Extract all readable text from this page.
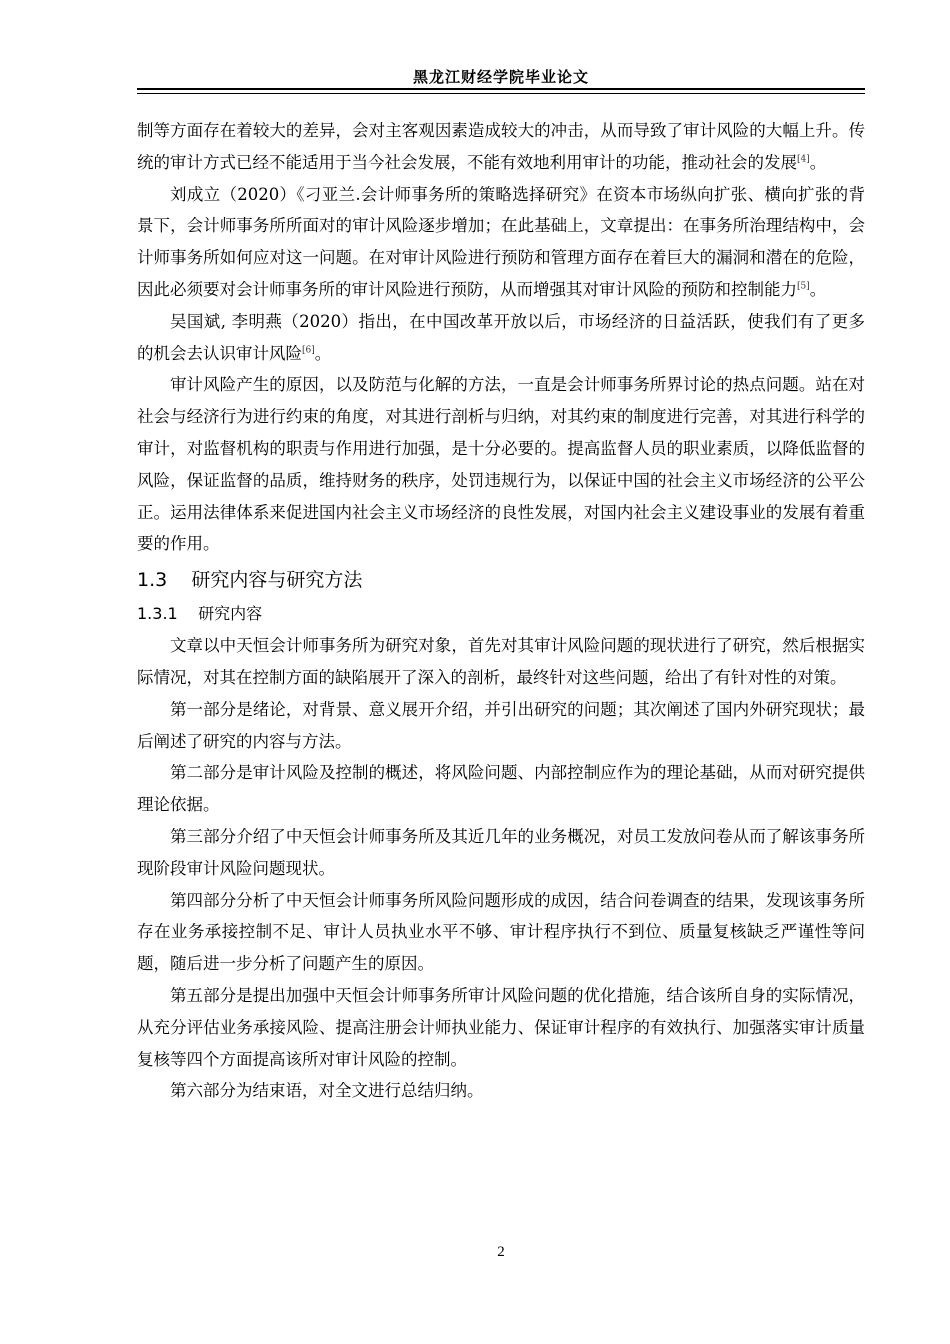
黑龙江财经学院毕业论文

制等方面存在着较大的差异，会对主客观因素造成较大的冲击，从而导致了审计风险的大幅上升。传统的审计方式已经不能适用于当今社会发展，不能有效地利用审计的功能，推动社会的发展[4]。

刘成立（2020）《刁亚兰.会计师事务所的策略选择研究》在资本市场纵向扩张、横向扩张的背景下，会计师事务所所面对的审计风险逐步增加；在此基础上，文章提出：在事务所治理结构中，会计师事务所如何应对这一问题。在对审计风险进行预防和管理方面存在着巨大的漏洞和潜在的危险，因此必须要对会计师事务所的审计风险进行预防，从而增强其对审计风险的预防和控制能力[5]。

吴国斌, 李明燕（2020）指出，在中国改革开放以后，市场经济的日益活跃，使我们有了更多的机会去认识审计风险[6]。

审计风险产生的原因，以及防范与化解的方法，一直是会计师事务所界讨论的热点问题。站在对社会与经济行为进行约束的角度，对其进行剖析与归纳，对其约束的制度进行完善，对其进行科学的审计，对监督机构的职责与作用进行加强，是十分必要的。提高监督人员的职业素质，以降低监督的风险，保证监督的品质，维持财务的秩序，处罚违规行为，以保证中国的社会主义市场经济的公平公正。运用法律体系来促进国内社会主义市场经济的良性发展，对国内社会主义建设事业的发展有着重要的作用。

1.3 研究内容与研究方法
1.3.1 研究内容

文章以中天恒会计师事务所为研究对象，首先对其审计风险问题的现状进行了研究，然后根据实际情况，对其在控制方面的缺陷展开了深入的剖析，最终针对这些问题，给出了有针对性的对策。

第一部分是绪论，对背景、意义展开介绍，并引出研究的问题；其次阐述了国内外研究现状；最后阐述了研究的内容与方法。

第二部分是审计风险及控制的概述，将风险问题、内部控制应作为的理论基础，从而对研究提供理论依据。

第三部分介绍了中天恒会计师事务所及其近几年的业务概况，对员工发放问卷从而了解该事务所现阶段审计风险问题现状。

第四部分分析了中天恒会计师事务所风险问题形成的成因，结合问卷调查的结果，发现该事务所存在业务承接控制不足、审计人员执业水平不够、审计程序执行不到位、质量复核缺乏严谨性等问题，随后进一步分析了问题产生的原因。

第五部分是提出加强中天恒会计师事务所审计风险问题的优化措施，结合该所自身的实际情况，从充分评估业务承接风险、提高注册会计师执业能力、保证审计程序的有效执行、加强落实审计质量复核等四个方面提高该所对审计风险的控制。

第六部分为结束语，对全文进行总结归纳。

2
